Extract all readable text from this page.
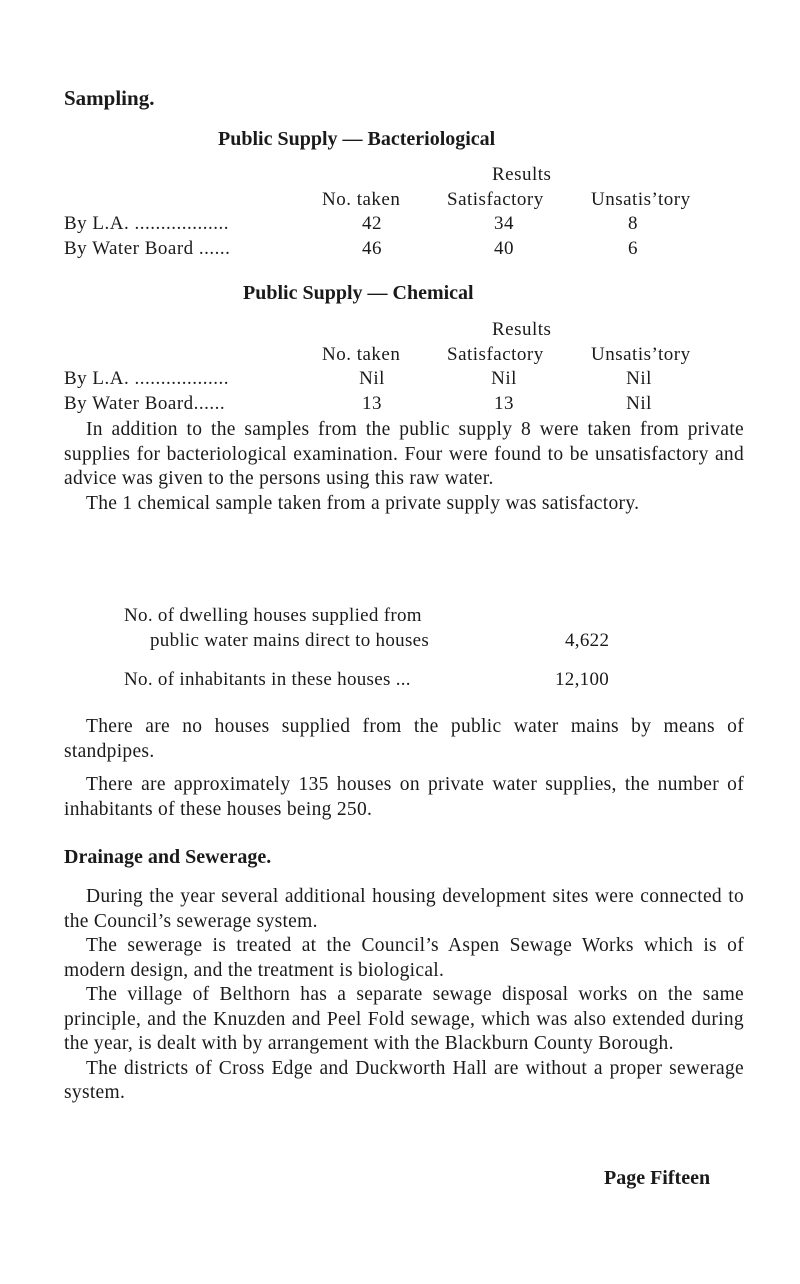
Sampling.
Public Supply — Bacteriological
Results
No. taken Satisfactory Unsatis’tory
By L.A. ..................	42	34	8
By Water Board ......	46	40	6
Public Supply — Chemical
Results
No. taken Satisfactory Unsatis’tory
By L.A. ..................	Nil	Nil	Nil
By Water Board......	13	13	Nil

In addition to the samples from the public supply 8 were taken from private supplies for bacteriological examination. Four were found to be unsatisfactory and advice was given to the persons using this raw water.

The 1 chemical sample taken from a private supply was satisfactory.

No. of dwelling houses supplied from
public water mains direct to houses	4,622
No. of inhabitants in these houses ...	12,100

There are no houses supplied from the public water mains by means of standpipes.

There are approximately 135 houses on private water supplies, the number of inhabitants of these houses being 250.

Drainage and Sewerage.

During the year several additional housing development sites were connected to the Council’s sewerage system.

The sewerage is treated at the Council’s Aspen Sewage Works which is of modern design, and the treatment is biological.

The village of Belthorn has a separate sewage disposal works on the same principle, and the Knuzden and Peel Fold sewage, which was also extended during the year, is dealt with by arrangement with the Blackburn County Borough.

The districts of Cross Edge and Duckworth Hall are without a proper sewerage system.

Page Fifteen
